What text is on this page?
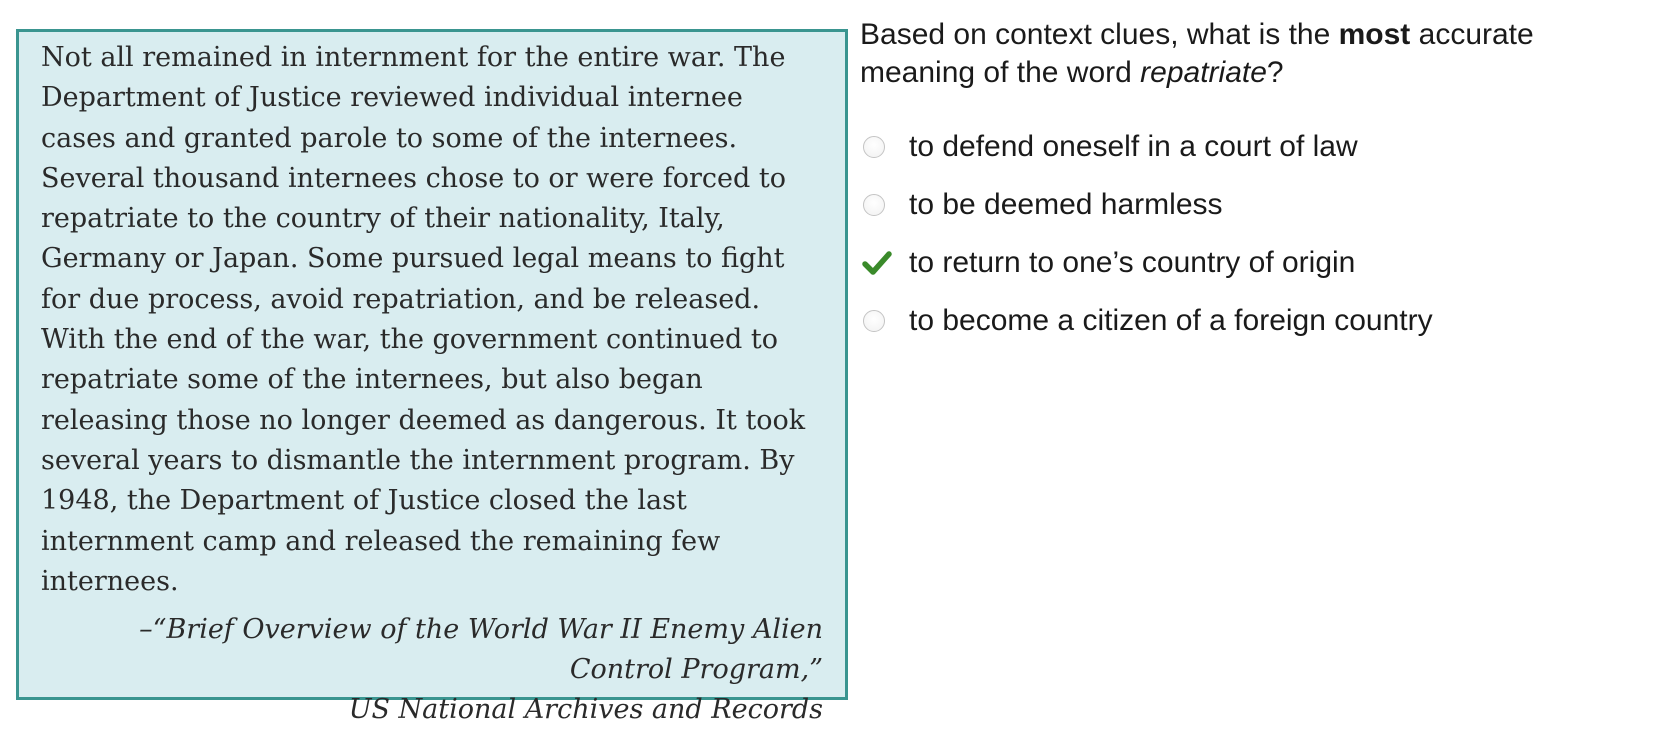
Not all remained in internment for the entire war. The Department of Justice reviewed individual internee cases and granted parole to some of the internees. Several thousand internees chose to or were forced to repatriate to the country of their nationality, Italy, Germany or Japan. Some pursued legal means to fight for due process, avoid repatriation, and be released. With the end of the war, the government continued to repatriate some of the internees, but also began releasing those no longer deemed as dangerous. It took several years to dismantle the internment program. By 1948, the Department of Justice closed the last internment camp and released the remaining few internees.

–“Brief Overview of the World War II Enemy Alien
Control Program,”
US National Archives and Records

Based on context clues, what is the most accurate meaning of the word repatriate?

to defend oneself in a court of law
to be deemed harmless
to return to one’s country of origin
to become a citizen of a foreign country
